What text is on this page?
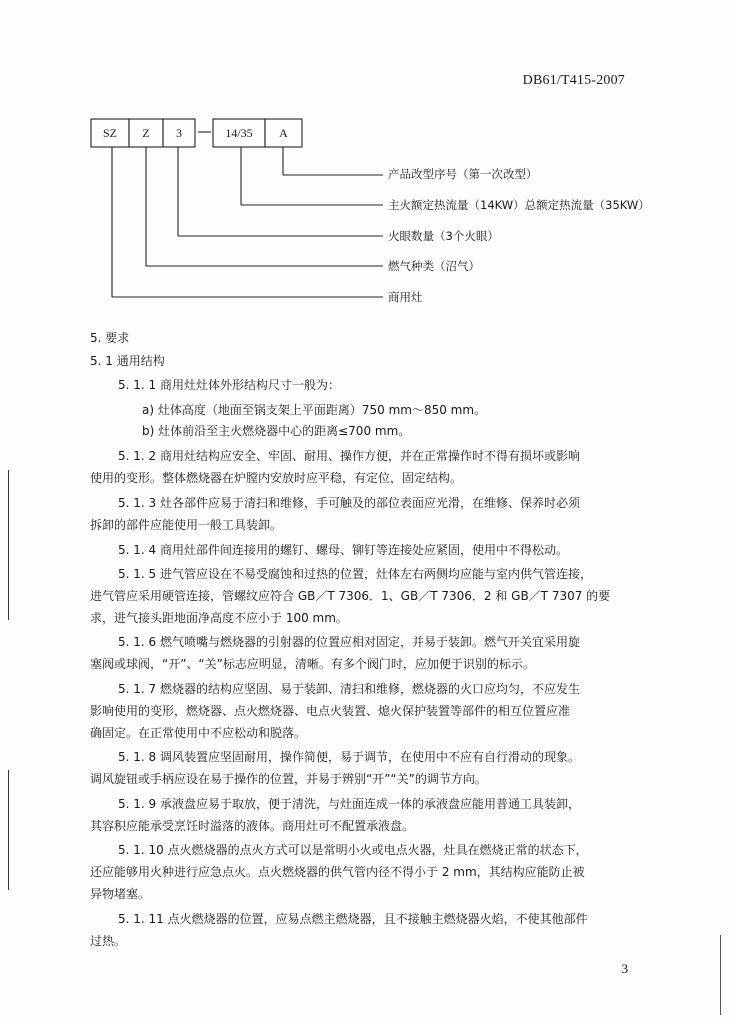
DB61/T415-2007
SZ	Z	3	14/35	A
产品改型序号（第一次改型）
主火额定热流量（14KW）总额定热流量（35KW）
火眼数量（3个火眼）
燃气种类（沼气）
商用灶
5. 要求
5. 1 通用结构
5. 1. 1 商用灶灶体外形结构尺寸一般为：
a) 灶体高度（地面至锅支架上平面距离）750 mm～850 mm。
b) 灶体前沿至主火燃烧器中心的距离≤700 mm。
5. 1. 2 商用灶结构应安全、牢固、耐用、操作方便，并在正常操作时不得有损坏或影响
使用的变形。整体燃烧器在炉膛内安放时应平稳，有定位，固定结构。
5. 1. 3 灶各部件应易于清扫和维修，手可触及的部位表面应光滑，在维修、保养时必须
拆卸的部件应能使用一般工具装卸。
5. 1. 4 商用灶部件间连接用的螺钉、螺母、铆钉等连接处应紧固，使用中不得松动。
5. 1. 5 进气管应设在不易受腐蚀和过热的位置，灶体左右两侧均应能与室内供气管连接，
进气管应采用硬管连接，管螺纹应符合 GB／T 7306．1、GB／T 7306．2 和 GB／T 7307 的要
求，进气接头距地面净高度不应小于 100 mm。
5. 1. 6 燃气喷嘴与燃烧器的引射器的位置应相对固定，并易于装卸。燃气开关宜采用旋
塞阀或球阀，“开”、“关”标志应明显，清晰。有多个阀门时，应加便于识别的标示。
5. 1. 7 燃烧器的结构应坚固、易于装卸、清扫和维修，燃烧器的火口应均匀，不应发生
影响使用的变形，燃烧器、点火燃烧器、电点火装置、熄火保护装置等部件的相互位置应准
确固定。在正常使用中不应松动和脱落。
5. 1. 8 调风装置应坚固耐用，操作简便，易于调节，在使用中不应有自行滑动的现象。
调风旋钮或手柄应设在易于操作的位置，并易于辨别“开”“关”的调节方向。
5. 1. 9 承液盘应易于取放，便于清洗，与灶面连成一体的承液盘应能用普通工具装卸，
其容积应能承受烹饪时溢落的液体。商用灶可不配置承液盘。
5. 1. 10 点火燃烧器的点火方式可以是常明小火或电点火器，灶具在燃烧正常的状态下，
还应能够用火种进行应急点火。点火燃烧器的供气管内径不得小于 2 mm，其结构应能防止被
异物堵塞。
5. 1. 11 点火燃烧器的位置，应易点燃主燃烧器，且不接触主燃烧器火焰，不使其他部件
过热。
3
